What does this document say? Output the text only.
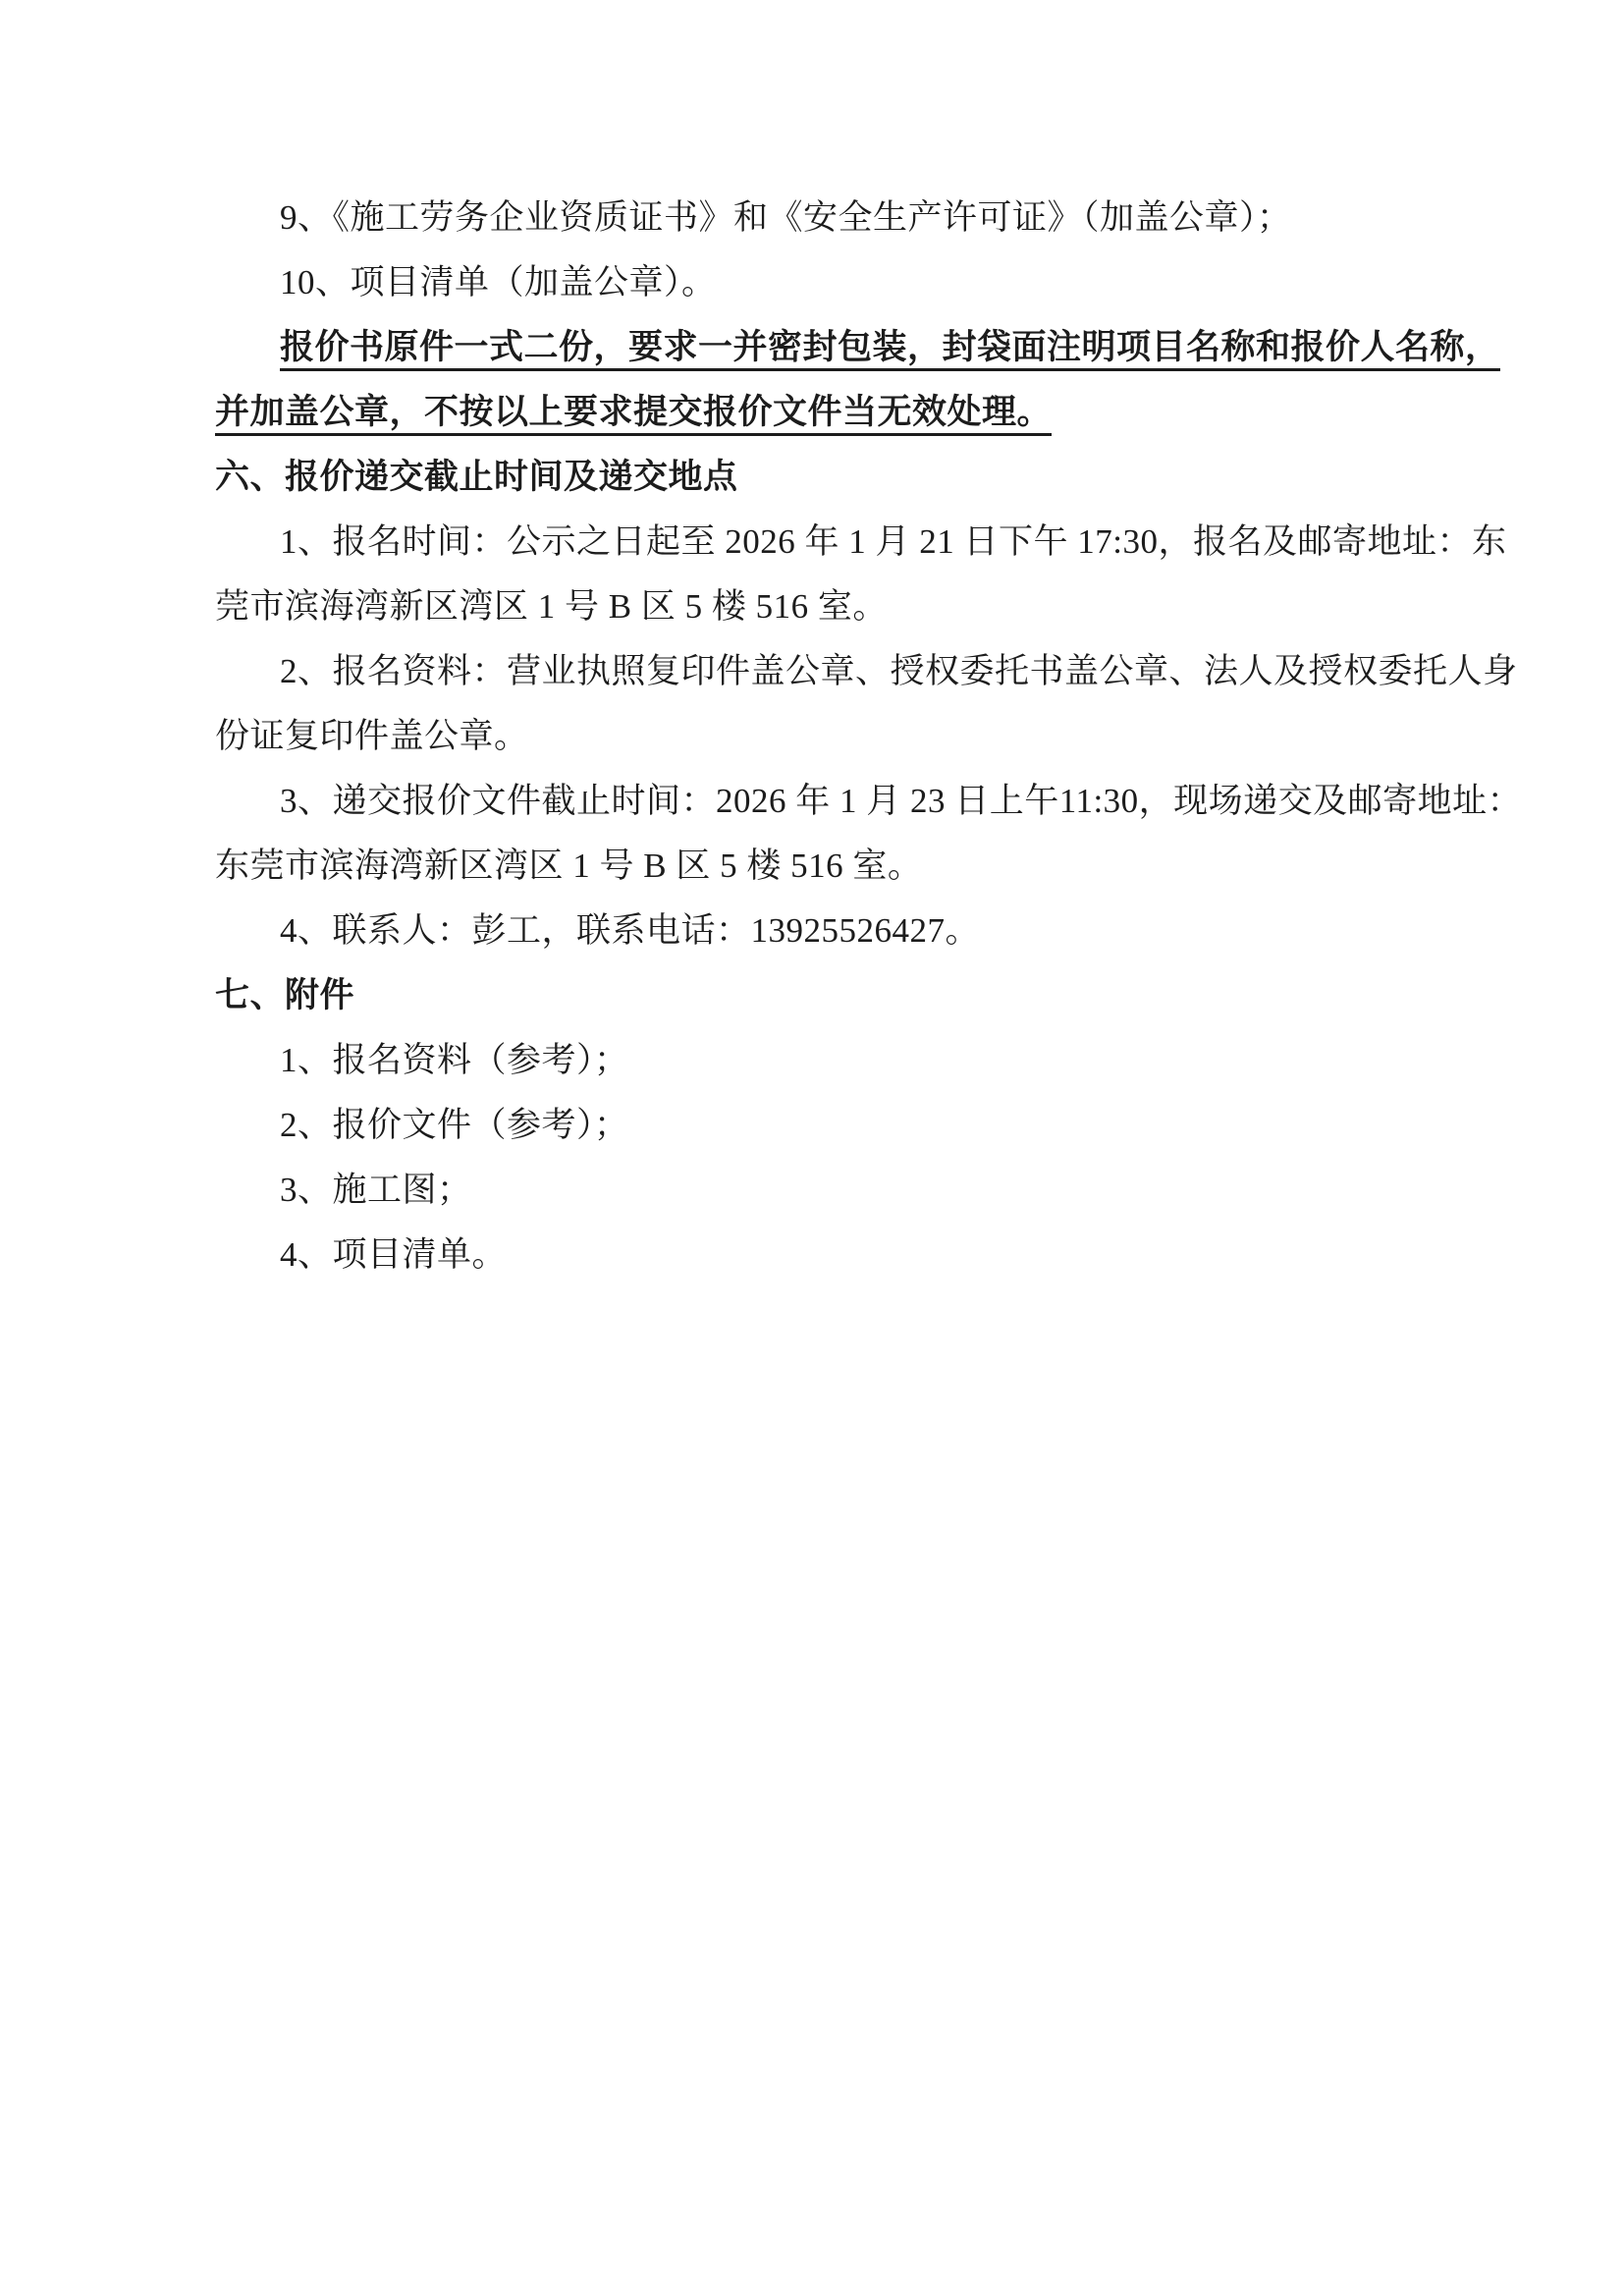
9、《施工劳务企业资质证书》和《安全生产许可证》（加盖公章）；
10、项目清单（加盖公章）。
报价书原件一式二份，要求一并密封包装，封袋面注明项目名称和报价人名称，
并加盖公章，不按以上要求提交报价文件当无效处理。
六、报价递交截止时间及递交地点
1、报名时间：公示之日起至 2026 年 1 月 21 日下午 17:30，报名及邮寄地址：东
莞市滨海湾新区湾区 1 号 B 区 5 楼 516 室。
2、报名资料：营业执照复印件盖公章、授权委托书盖公章、法人及授权委托人身
份证复印件盖公章。
3、递交报价文件截止时间：2026 年 1 月 23 日上午11:30，现场递交及邮寄地址：
东莞市滨海湾新区湾区 1 号 B 区 5 楼 516 室。
4、联系人：彭工，联系电话：13925526427。
七、附件
1、报名资料（参考）；
2、报价文件（参考）；
3、施工图；
4、项目清单。
